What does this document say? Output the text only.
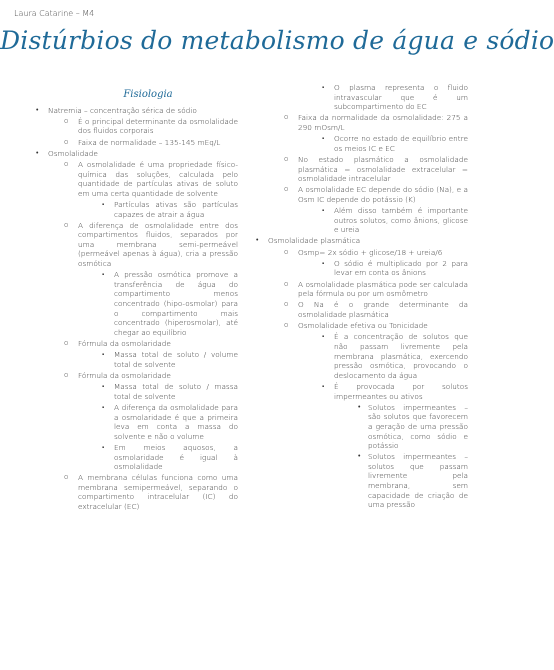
Laura Catarine – M4
Distúrbios do metabolismo de água e sódio
Fisiologia
• Natremia – concentração sérica de sódio
o É o principal determinante da osmolalidade dos fluidos corporais
o Faixa de normalidade – 135-145 mEq/L
• Osmolalidade
o A osmolalidade é uma propriedade físico-química das soluções, calculada pelo quantidade de partículas ativas de soluto em uma certa quantidade de solvente
▪ Partículas ativas são partículas capazes de atrair a água
o A diferença de osmolalidade entre dos compartimentos fluidos, separados por uma membrana semi-permeável (permeável apenas à água), cria a pressão osmótica
▪ A pressão osmótica promove a transferência de água do compartimento menos concentrado (hipo-osmolar) para o compartimento mais concentrado (hiperosmolar), até chegar ao equilíbrio
o Fórmula da osmolaridade
▪ Massa total de soluto / volume total de solvente
o Fórmula da osmolaridade
▪ Massa total de soluto / massa total de solvente
▪ A diferença da osmolalidade para a osmolaridade é que a primeira leva em conta a massa do solvente e não o volume
▪ Em meios aquosos, a osmolaridade é igual à osmolalidade
o A membrana células funciona como uma membrana semipermeável, separando o compartimento intracelular (IC) do extracelular (EC)
▪ O plasma representa o fluido intravascular que é um subcompartimento do EC
o Faixa da normalidade da osmolalidade: 275 a 290 mOsm/L
▪ Ocorre no estado de equilíbrio entre os meios IC e EC
o No estado plasmático a osmolalidade plasmática = osmolalidade extracelular = osmolalidade intracelular
o A osmolalidade EC depende do sódio (Na), e a Osm IC depende do potássio (K)
▪ Além disso também é importante outros solutos, como ânions, glicose e ureia
• Osmolalidade plasmática
o Osmp= 2x sódio + glicose/18 + ureia/6
▪ O sódio é multiplicado por 2 para levar em conta os ânions
o A osmolalidade plasmática pode ser calculada pela fórmula ou por um osmômetro
o O Na é o grande determinante da osmolalidade plasmática
o Osmolalidade efetiva ou Tonicidade
▪ É a concentração de solutos que não passam livremente pela membrana plasmática, exercendo pressão osmótica, provocando o deslocamento da água
▪ É provocada por solutos impermeantes ou ativos
• Solutos impermeantes – são solutos que favorecem a geração de uma pressão osmótica, como sódio e potássio
• Solutos impermeantes – solutos que passam livremente pela membrana, sem capacidade de criação de uma pressão
